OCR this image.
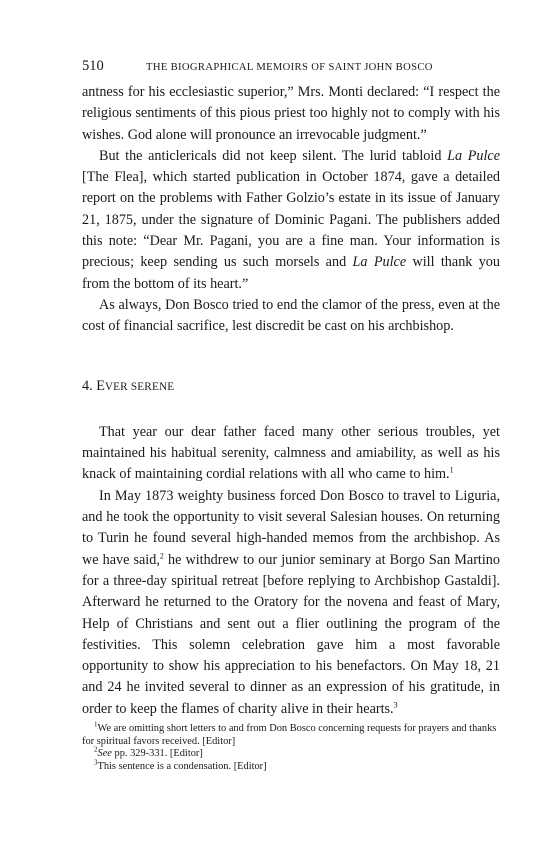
510	THE BIOGRAPHICAL MEMOIRS OF SAINT JOHN BOSCO

antness for his ecclesiastic superior,” Mrs. Monti declared: “I respect the religious sentiments of this pious priest too highly not to comply with his wishes. God alone will pronounce an irrevocable judgment.”

But the anticlericals did not keep silent. The lurid tabloid La Pulce [The Flea], which started publication in October 1874, gave a detailed report on the problems with Father Golzio’s estate in its issue of January 21, 1875, under the signature of Dominic Pagani. The publishers added this note: “Dear Mr. Pagani, you are a fine man. Your information is precious; keep sending us such morsels and La Pulce will thank you from the bottom of its heart.”

As always, Don Bosco tried to end the clamor of the press, even at the cost of financial sacrifice, lest discredit be cast on his archbishop.

4. EVER SERENE

That year our dear father faced many other serious troubles, yet maintained his habitual serenity, calmness and amiability, as well as his knack of maintaining cordial relations with all who came to him.$^1$

In May 1873 weighty business forced Don Bosco to travel to Liguria, and he took the opportunity to visit several Salesian houses. On returning to Turin he found several high-handed memos from the archbishop. As we have said,$^2$ he withdrew to our junior seminary at Borgo San Martino for a three-day spiritual retreat [before replying to Archbishop Gastaldi]. Afterward he returned to the Oratory for the novena and feast of Mary, Help of Christians and sent out a flier outlining the program of the festivities. This solemn celebration gave him a most favorable opportunity to show his appreciation to his benefactors. On May 18, 21 and 24 he invited several to dinner as an expression of his gratitude, in order to keep the flames of charity alive in their hearts.$^3$

$^1$We are omitting short letters to and from Don Bosco concerning requests for prayers and thanks for spiritual favors received. [Editor]

$^2$See pp. 329-331. [Editor]

$^3$This sentence is a condensation. [Editor]
